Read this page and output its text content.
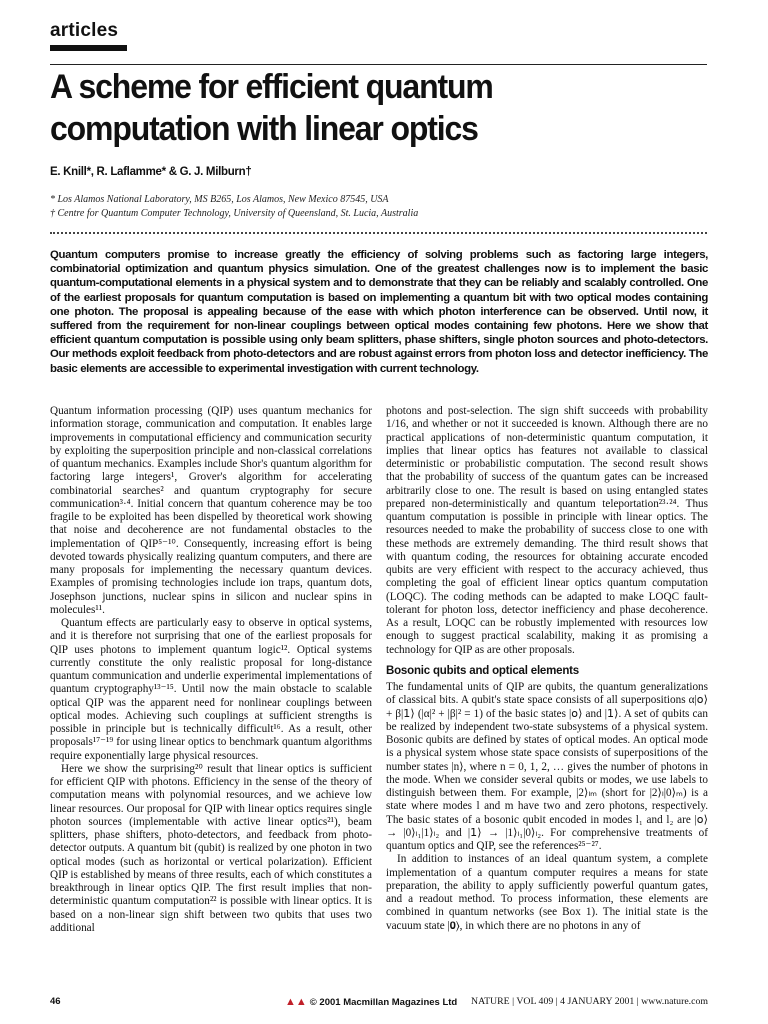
articles
A scheme for efficient quantum computation with linear optics
E. Knill*, R. Laflamme* & G. J. Milburn†
* Los Alamos National Laboratory, MS B265, Los Alamos, New Mexico 87545, USA
† Centre for Quantum Computer Technology, University of Queensland, St. Lucia, Australia

Quantum computers promise to increase greatly the efficiency of solving problems such as factoring large integers, combinatorial optimization and quantum physics simulation. One of the greatest challenges now is to implement the basic quantum-computational elements in a physical system and to demonstrate that they can be reliably and scalably controlled. One of the earliest proposals for quantum computation is based on implementing a quantum bit with two optical modes containing one photon. The proposal is appealing because of the ease with which photon interference can be observed. Until now, it suffered from the requirement for non-linear couplings between optical modes containing few photons. Here we show that efficient quantum computation is possible using only beam splitters, phase shifters, single photon sources and photo-detectors. Our methods exploit feedback from photo-detectors and are robust against errors from photon loss and detector inefficiency. The basic elements are accessible to experimental investigation with current technology.

Quantum information processing (QIP) uses quantum mechanics for information storage, communication and computation. It enables large improvements in computational efficiency and communication security by exploiting the superposition principle and non-classical correlations of quantum mechanics. Examples include Shor's quantum algorithm for factoring large integers¹, Grover's algorithm for accelerating combinatorial searches² and quantum cryptography for secure communication³·⁴. Initial concern that quantum coherence may be too fragile to be exploited has been dispelled by theoretical work showing that noise and decoherence are not fundamental obstacles to the implementation of QIP⁵⁻¹⁰. Consequently, increasing effort is being devoted towards physically realizing quantum computers, and there are many proposals for implementing the necessary quantum devices. Examples of promising technologies include ion traps, quantum dots, Josephson junctions, nuclear spins in silicon and nuclear spins in molecules¹¹.

Quantum effects are particularly easy to observe in optical systems, and it is therefore not surprising that one of the earliest proposals for QIP uses photons to implement quantum logic¹². Optical systems currently constitute the only realistic proposal for long-distance quantum communication and underlie experimental implementations of quantum cryptography¹³⁻¹⁵. Until now the main obstacle to scalable optical QIP was the apparent need for nonlinear couplings between optical modes. Achieving such couplings at sufficient strengths is possible in principle but is technically difficult¹⁶. As a result, other proposals¹⁷⁻¹⁹ for using linear optics to benchmark quantum algorithms require exponentially large physical resources.

Here we show the surprising²⁰ result that linear optics is sufficient for efficient QIP with photons. Efficiency in the sense of the theory of computation means with polynomial resources, and we achieve low linear resources. Our proposal for QIP with linear optics requires single photon sources (implementable with active linear optics²¹), beam splitters, phase shifters, photo-detectors, and feedback from photo-detector outputs. A quantum bit (qubit) is realized by one photon in two optical modes (such as horizontal or vertical polarization). Efficient QIP is established by means of three results, each of which constitutes a breakthrough in linear optics QIP. The first result implies that non-deterministic quantum computation²² is possible with linear optics. It is based on a non-linear sign shift between two qubits that uses two additional

photons and post-selection. The sign shift succeeds with probability 1/16, and whether or not it succeeded is known. Although there are no practical applications of non-deterministic quantum computation, it implies that linear optics has features not available to classical deterministic or probabilistic computation. The second result shows that the probability of success of the quantum gates can be increased arbitrarily close to one. The result is based on using entangled states prepared non-deterministically and quantum teleportation²³·²⁴. Thus quantum computation is possible in principle with linear optics. The resources needed to make the probability of success close to one with these methods are extremely demanding. The third result shows that with quantum coding, the resources for obtaining accurate encoded qubits are very efficient with respect to the accuracy achieved, thus completing the goal of efficient linear optics quantum computation (LOQC). The coding methods can be adapted to make LOQC fault-tolerant for photon loss, detector inefficiency and phase decoherence. As a result, LOQC can be robustly implemented with resources low enough to suggest practical scalability, making it as promising a technology for QIP as are other proposals.

Bosonic qubits and optical elements

The fundamental units of QIP are qubits, the quantum generalizations of classical bits. A qubit's state space consists of all superpositions α|𝗈⟩ + β|𝟣⟩ (|α|² + |β|² = 1) of the basic states |𝗈⟩ and |𝟣⟩. A set of qubits can be realized by independent two-state subsystems of a physical system. Bosonic qubits are defined by states of optical modes. An optical mode is a physical system whose state space consists of superpositions of the number states |n⟩, where n = 0, 1, 2, … gives the number of photons in the mode. When we consider several qubits or modes, we use labels to distinguish between them. For example, |2⟩ₗₘ (short for |2⟩ₗ|0⟩ₘ) is a state where modes l and m have two and zero photons, respectively. The basic states of a bosonic qubit encoded in modes l₁ and l₂ are |𝗈⟩ → |0⟩ₗ₁|1⟩ₗ₂ and |𝟣⟩ → |1⟩ₗ₁|0⟩ₗ₂. For comprehensive treatments of quantum optics and QIP, see the references²⁵⁻²⁷.

In addition to instances of an ideal quantum system, a complete implementation of a quantum computer requires a means for state preparation, the ability to apply sufficiently powerful quantum gates, and a readout method. To process information, these elements are combined in quantum networks (see Box 1). The initial state is the vacuum state |𝟎⟩, in which there are no photons in any of

46	▲▲ © 2001 Macmillan Magazines Ltd NATURE | VOL 409 | 4 JANUARY 2001 | www.nature.com
